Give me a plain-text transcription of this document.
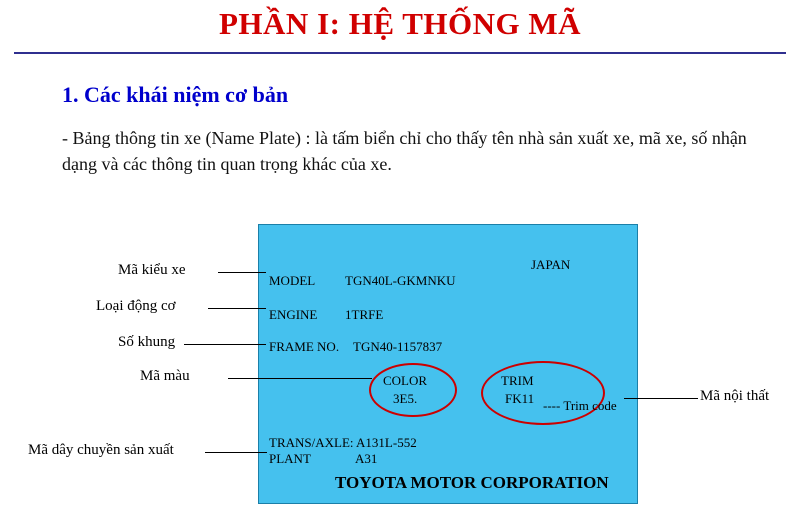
PHẦN I: HỆ THỐNG MÃ
1. Các khái niệm cơ bản
- Bảng thông tin xe (Name Plate) : là tấm biển chỉ cho thấy tên nhà sản xuất xe, mã xe, số nhận dạng và các thông tin quan trọng khác của xe.
JAPAN
MODEL TGN40L-GKMNKU
ENGINE 1TRFE
FRAME NO. TGN40-1157837
COLOR
3E5.
TRIM
FK11 ---- Trim code
TRANS/AXLE: A131L-552
PLANT	A31
TOYOTA MOTOR CORPORATION
Mã kiểu xe
Loại động cơ
Số khung
Mã màu
Mã dây chuyền sản xuất
Mã nội thất
